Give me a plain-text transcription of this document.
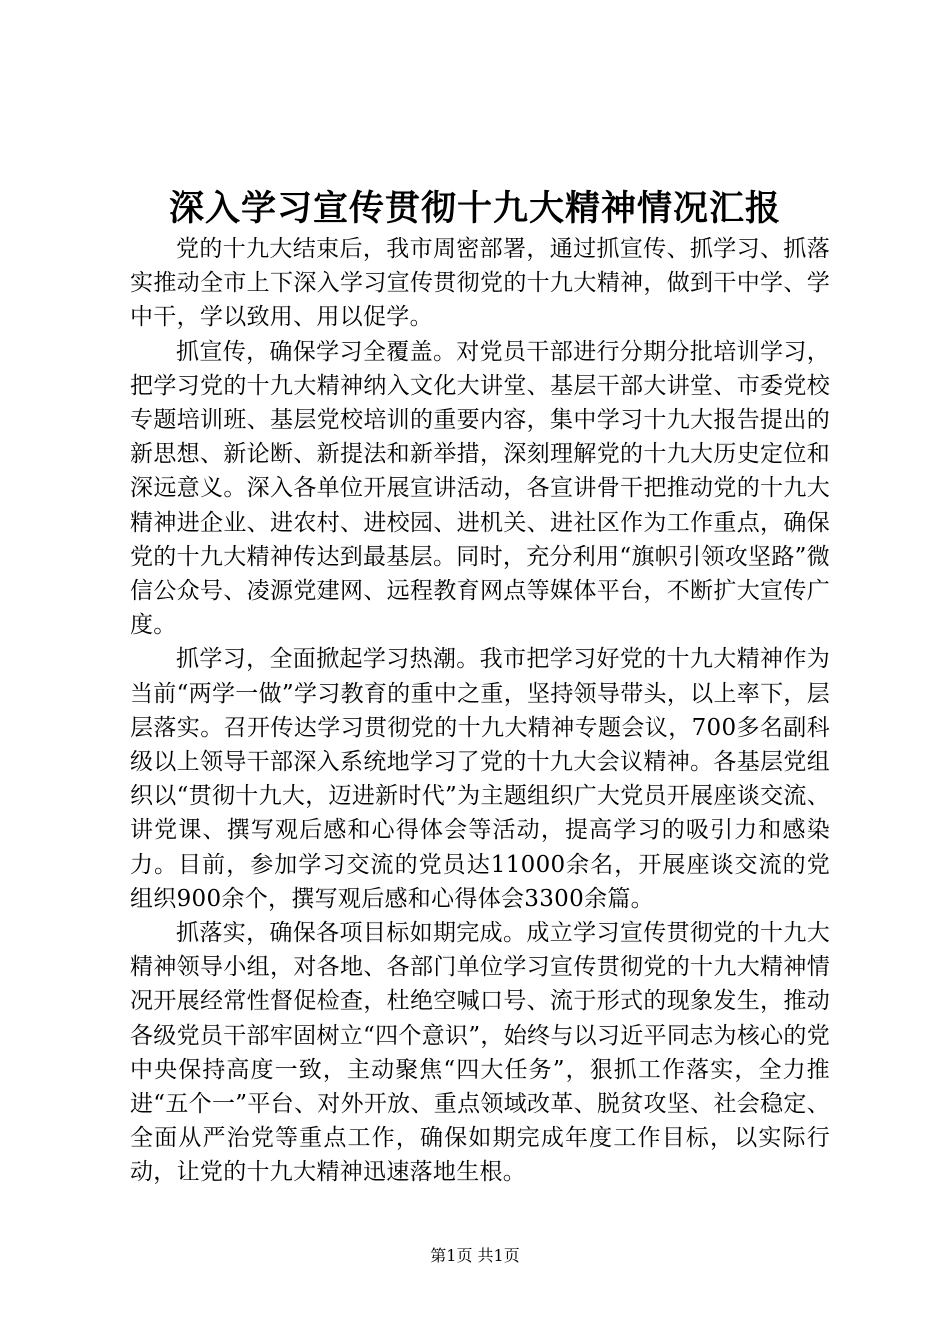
深入学习宣传贯彻十九大精神情况汇报

党的十九大结束后，我市周密部署，通过抓宣传、抓学习、抓落实推动全市上下深入学习宣传贯彻党的十九大精神，做到干中学、学中干，学以致用、用以促学。

抓宣传，确保学习全覆盖。对党员干部进行分期分批培训学习，把学习党的十九大精神纳入文化大讲堂、基层干部大讲堂、市委党校专题培训班、基层党校培训的重要内容，集中学习十九大报告提出的新思想、新论断、新提法和新举措，深刻理解党的十九大历史定位和深远意义。深入各单位开展宣讲活动，各宣讲骨干把推动党的十九大精神进企业、进农村、进校园、进机关、进社区作为工作重点，确保党的十九大精神传达到最基层。同时，充分利用“旗帜引领攻坚路”微信公众号、凌源党建网、远程教育网点等媒体平台，不断扩大宣传广度。

抓学习，全面掀起学习热潮。我市把学习好党的十九大精神作为当前“两学一做”学习教育的重中之重，坚持领导带头，以上率下，层层落实。召开传达学习贯彻党的十九大精神专题会议，700多名副科级以上领导干部深入系统地学习了党的十九大会议精神。各基层党组织以“贯彻十九大，迈进新时代”为主题组织广大党员开展座谈交流、讲党课、撰写观后感和心得体会等活动，提高学习的吸引力和感染力。目前，参加学习交流的党员达11000余名，开展座谈交流的党组织900余个，撰写观后感和心得体会3300余篇。

抓落实，确保各项目标如期完成。成立学习宣传贯彻党的十九大精神领导小组，对各地、各部门单位学习宣传贯彻党的十九大精神情况开展经常性督促检查，杜绝空喊口号、流于形式的现象发生，推动各级党员干部牢固树立“四个意识”，始终与以习近平同志为核心的党中央保持高度一致，主动聚焦“四大任务”，狠抓工作落实，全力推进“五个一”平台、对外开放、重点领域改革、脱贫攻坚、社会稳定、全面从严治党等重点工作，确保如期完成年度工作目标，以实际行动，让党的十九大精神迅速落地生根。

第1页 共1页
